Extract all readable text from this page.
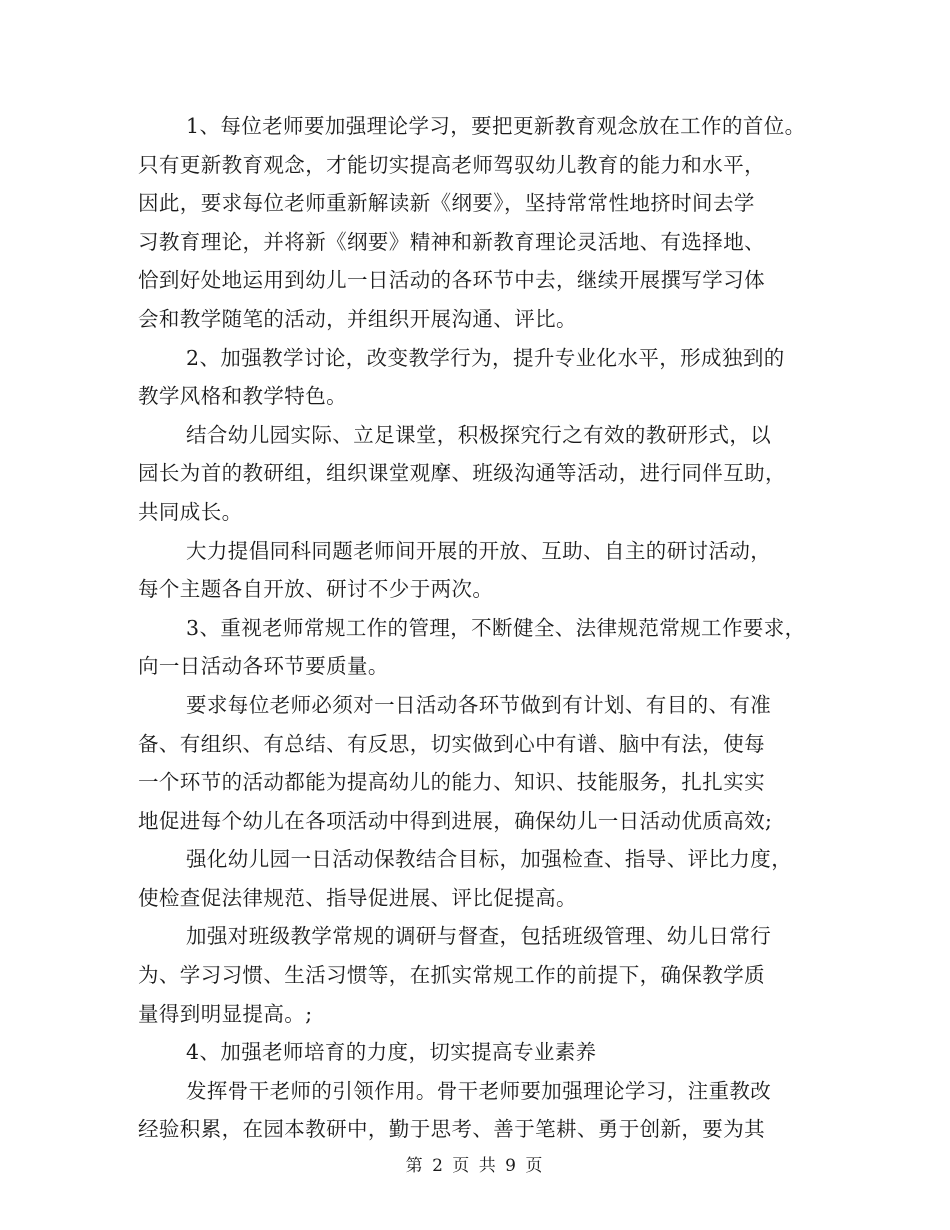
1、每位老师要加强理论学习，要把更新教育观念放在工作的首位。
只有更新教育观念，才能切实提高老师驾驭幼儿教育的能力和水平，
因此，要求每位老师重新解读新《纲要》，坚持常常性地挤时间去学
习教育理论，并将新《纲要》精神和新教育理论灵活地、有选择地、
恰到好处地运用到幼儿一日活动的各环节中去，继续开展撰写学习体
会和教学随笔的活动，并组织开展沟通、评比。
2、加强教学讨论，改变教学行为，提升专业化水平，形成独到的
教学风格和教学特色。
结合幼儿园实际、立足课堂，积极探究行之有效的教研形式，以
园长为首的教研组，组织课堂观摩、班级沟通等活动，进行同伴互助，
共同成长。
大力提倡同科同题老师间开展的开放、互助、自主的研讨活动，
每个主题各自开放、研讨不少于两次。
3、重视老师常规工作的管理，不断健全、法律规范常规工作要求，
向一日活动各环节要质量。
要求每位老师必须对一日活动各环节做到有计划、有目的、有准
备、有组织、有总结、有反思，切实做到心中有谱、脑中有法，使每
一个环节的活动都能为提高幼儿的能力、知识、技能服务，扎扎实实
地促进每个幼儿在各项活动中得到进展，确保幼儿一日活动优质高效;
强化幼儿园一日活动保教结合目标，加强检查、指导、评比力度，
使检查促法律规范、指导促进展、评比促提高。
加强对班级教学常规的调研与督查，包括班级管理、幼儿日常行
为、学习习惯、生活习惯等，在抓实常规工作的前提下，确保教学质
量得到明显提高。;
4、加强老师培育的力度，切实提高专业素养
发挥骨干老师的引领作用。骨干老师要加强理论学习，注重教改
经验积累，在园本教研中，勤于思考、善于笔耕、勇于创新，要为其
第 2 页 共 9 页
